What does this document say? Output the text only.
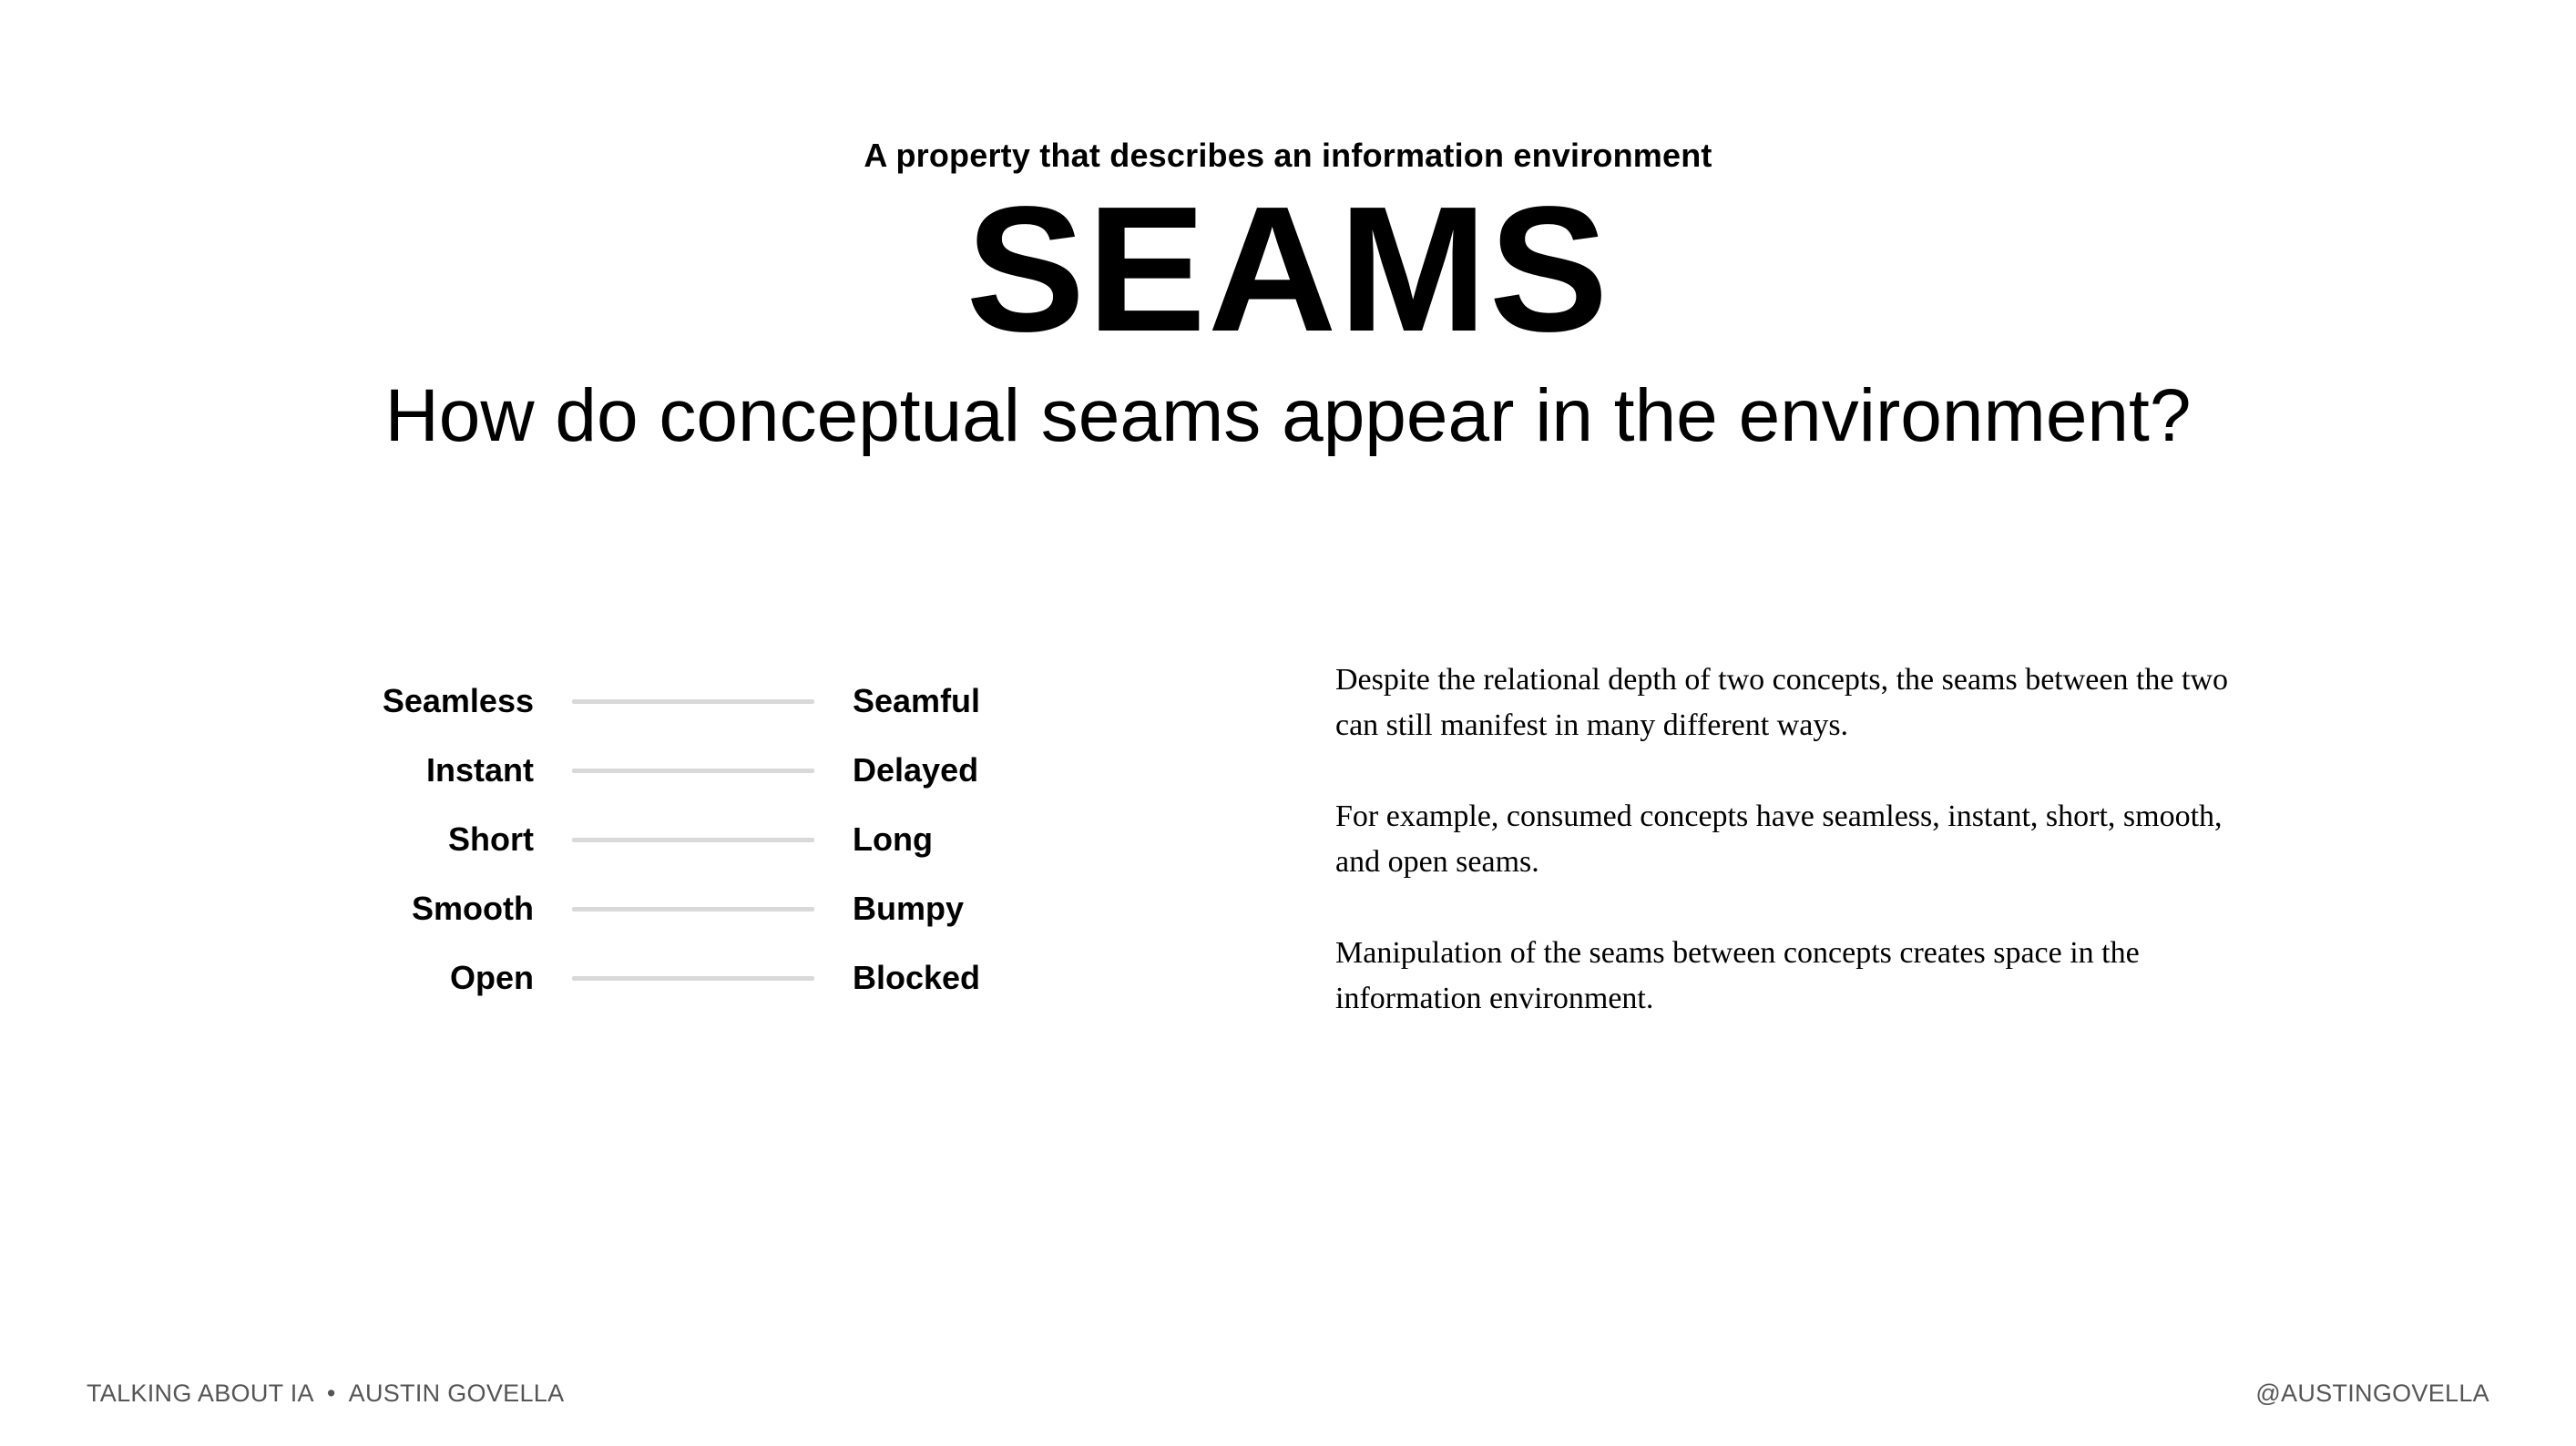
A property that describes an information environment
SEAMS
How do conceptual seams appear in the environment?
Seamless	Seamful
Instant	Delayed
Short	Long
Smooth	Bumpy
Open	Blocked

Despite the relational depth of two concepts, the seams between the two can still manifest in many different ways.

For example, consumed concepts have seamless, instant, short, smooth, and open seams.

Manipulation of the seams between concepts creates space in the information environment.

TALKING ABOUT IA • AUSTIN GOVELLA	@AUSTINGOVELLA
